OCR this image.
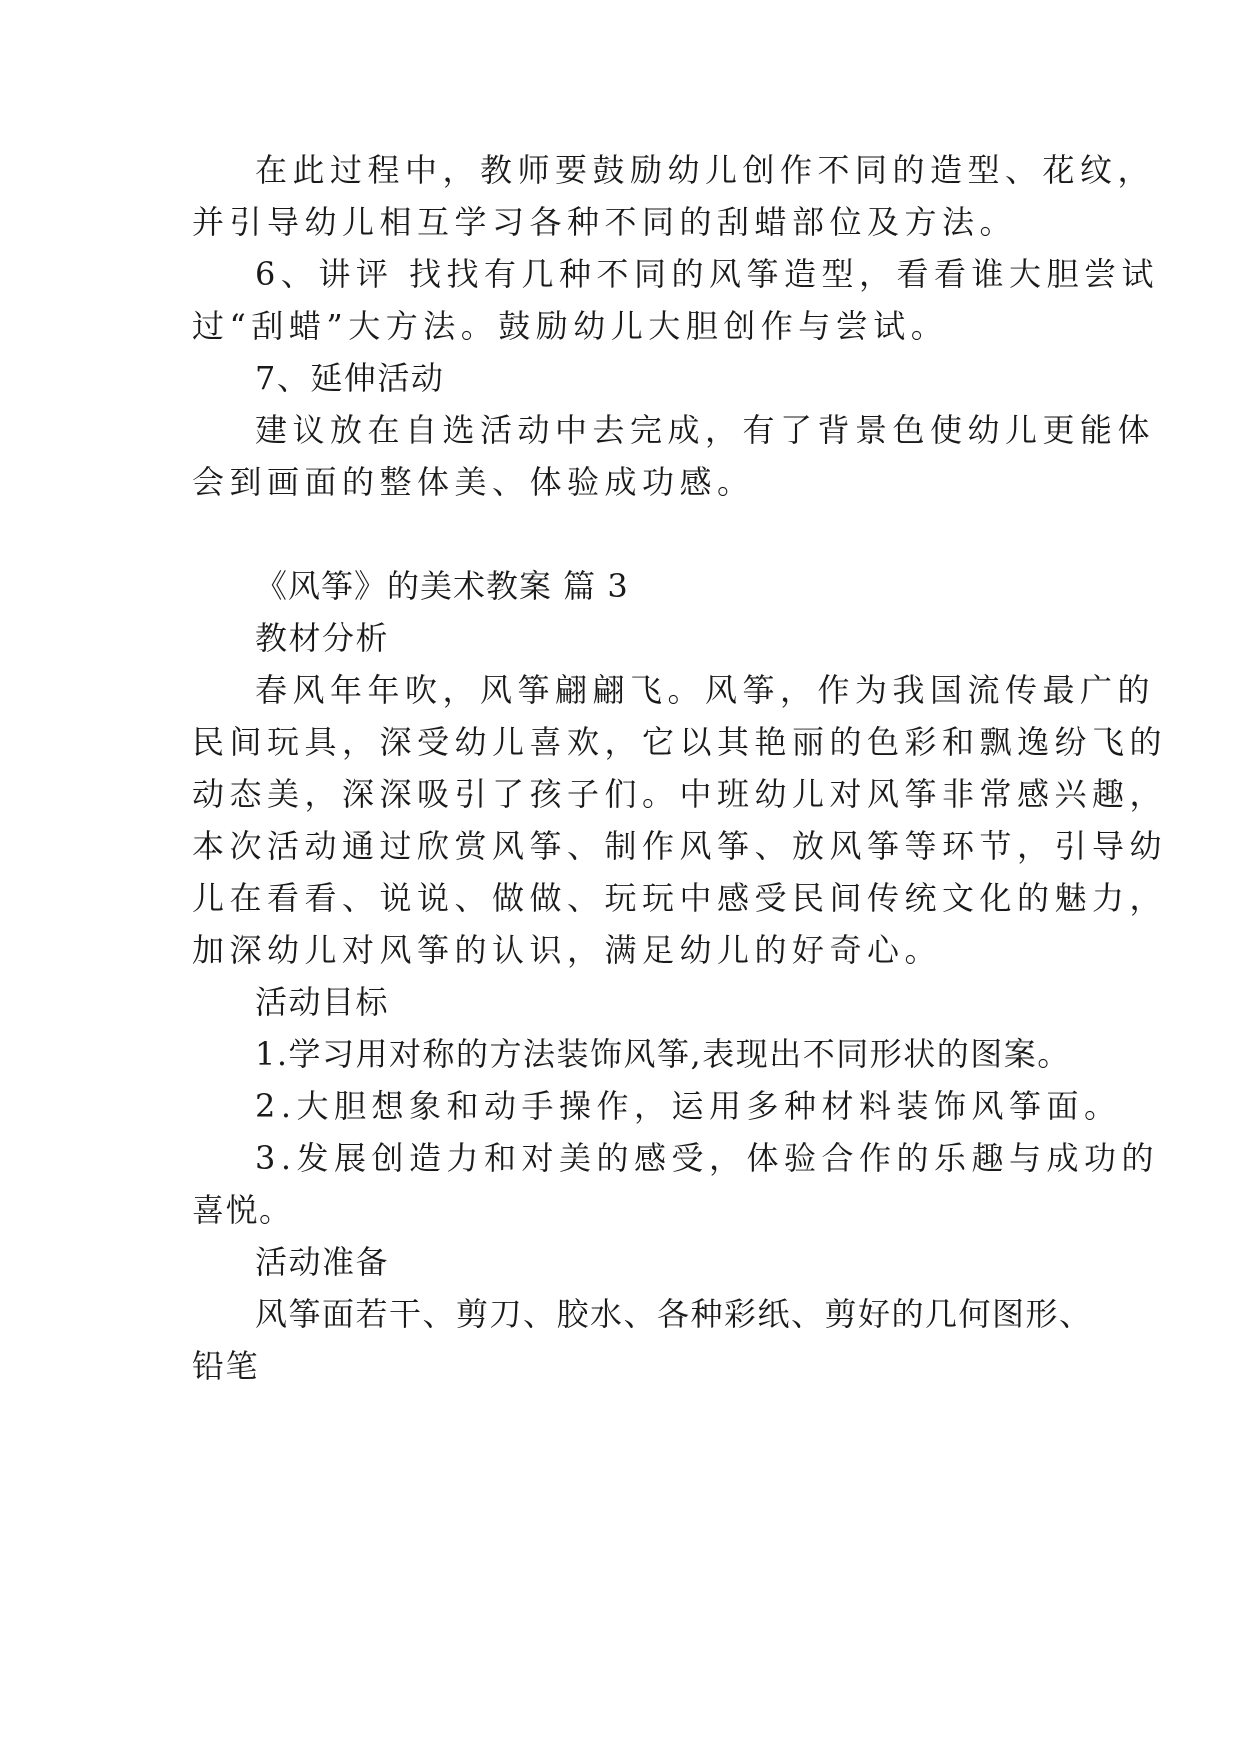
在此过程中，教师要鼓励幼儿创作不同的造型、花纹，
并引导幼儿相互学习各种不同的刮蜡部位及方法。
6、讲评 找找有几种不同的风筝造型，看看谁大胆尝试
过“刮蜡”大方法。鼓励幼儿大胆创作与尝试。
7、延伸活动
建议放在自选活动中去完成，有了背景色使幼儿更能体
会到画面的整体美、体验成功感。
《风筝》的美术教案 篇 3
教材分析
春风年年吹，风筝翩翩飞。风筝，作为我国流传最广的
民间玩具，深受幼儿喜欢，它以其艳丽的色彩和飘逸纷飞的
动态美，深深吸引了孩子们。中班幼儿对风筝非常感兴趣，
本次活动通过欣赏风筝、制作风筝、放风筝等环节，引导幼
儿在看看、说说、做做、玩玩中感受民间传统文化的魅力，
加深幼儿对风筝的认识，满足幼儿的好奇心。
活动目标
1.学习用对称的方法装饰风筝,表现出不同形状的图案。
2.大胆想象和动手操作，运用多种材料装饰风筝面。
3.发展创造力和对美的感受，体验合作的乐趣与成功的
喜悦。
活动准备
风筝面若干、剪刀、胶水、各种彩纸、剪好的几何图形、
铅笔
